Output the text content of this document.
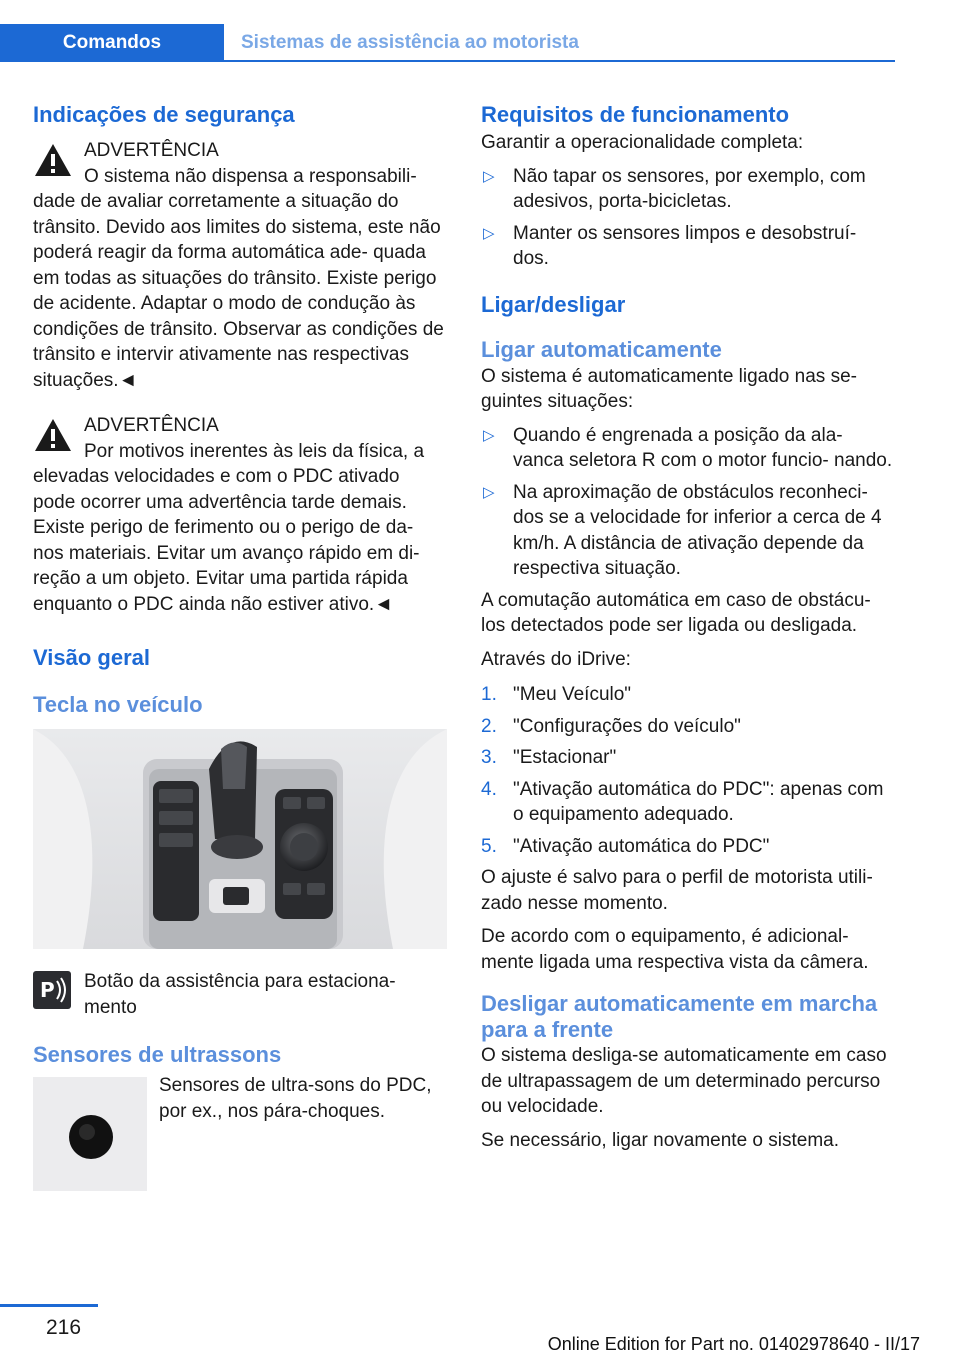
Comandos	Sistemas de assistência ao motorista
Indicações de segurança

ADVERTÊNCIA

O sistema não dispensa a responsabili-

dade de avaliar corretamente a situação do trânsito. Devido aos limites do sistema, este não poderá reagir da forma automática ade- quada em todas as situações do trânsito. Existe perigo de acidente. Adaptar o modo de condução às condições de trânsito. Observar as condições de trânsito e intervir ativamente nas respectivas situações.◄

ADVERTÊNCIA

Por motivos inerentes às leis da física, a

elevadas velocidades e com o PDC ativado pode ocorrer uma advertência tarde demais. Existe perigo de ferimento ou o perigo de da- nos materiais. Evitar um avanço rápido em di- reção a um objeto. Evitar uma partida rápida enquanto o PDC ainda não estiver ativo.◄

Visão geral
Tecla no veículo
P	Botão da assistência para estaciona- mento

Sensores de ultrassons

Sensores de ultra-sons do PDC, por ex., nos pára-choques.

Requisitos de funcionamento

Garantir a operacionalidade completa:

▷ Não tapar os sensores, por exemplo, com adesivos, porta-bicicletas.
▷ Manter os sensores limpos e desobstruí- dos.
Ligar/desligar
Ligar automaticamente

O sistema é automaticamente ligado nas se- guintes situações:

▷ Quando é engrenada a posição da ala- vanca seletora R com o motor funcio- nando.
▷ Na aproximação de obstáculos reconheci- dos se a velocidade for inferior a cerca de 4 km/h. A distância de ativação depende da respectiva situação.

A comutação automática em caso de obstácu- los detectados pode ser ligada ou desligada.

Através do iDrive:

1. "Meu Veículo"
2. "Configurações do veículo"
3. "Estacionar"
4. "Ativação automática do PDC": apenas com o equipamento adequado.
5. "Ativação automática do PDC"

O ajuste é salvo para o perfil de motorista utili- zado nesse momento.

De acordo com o equipamento, é adicional- mente ligada uma respectiva vista da câmera.

Desligar automaticamente em marcha para a frente

O sistema desliga-se automaticamente em caso de ultrapassagem de um determinado percurso ou velocidade.

Se necessário, ligar novamente o sistema.

216
Online Edition for Part no. 01402978640 - II/17
